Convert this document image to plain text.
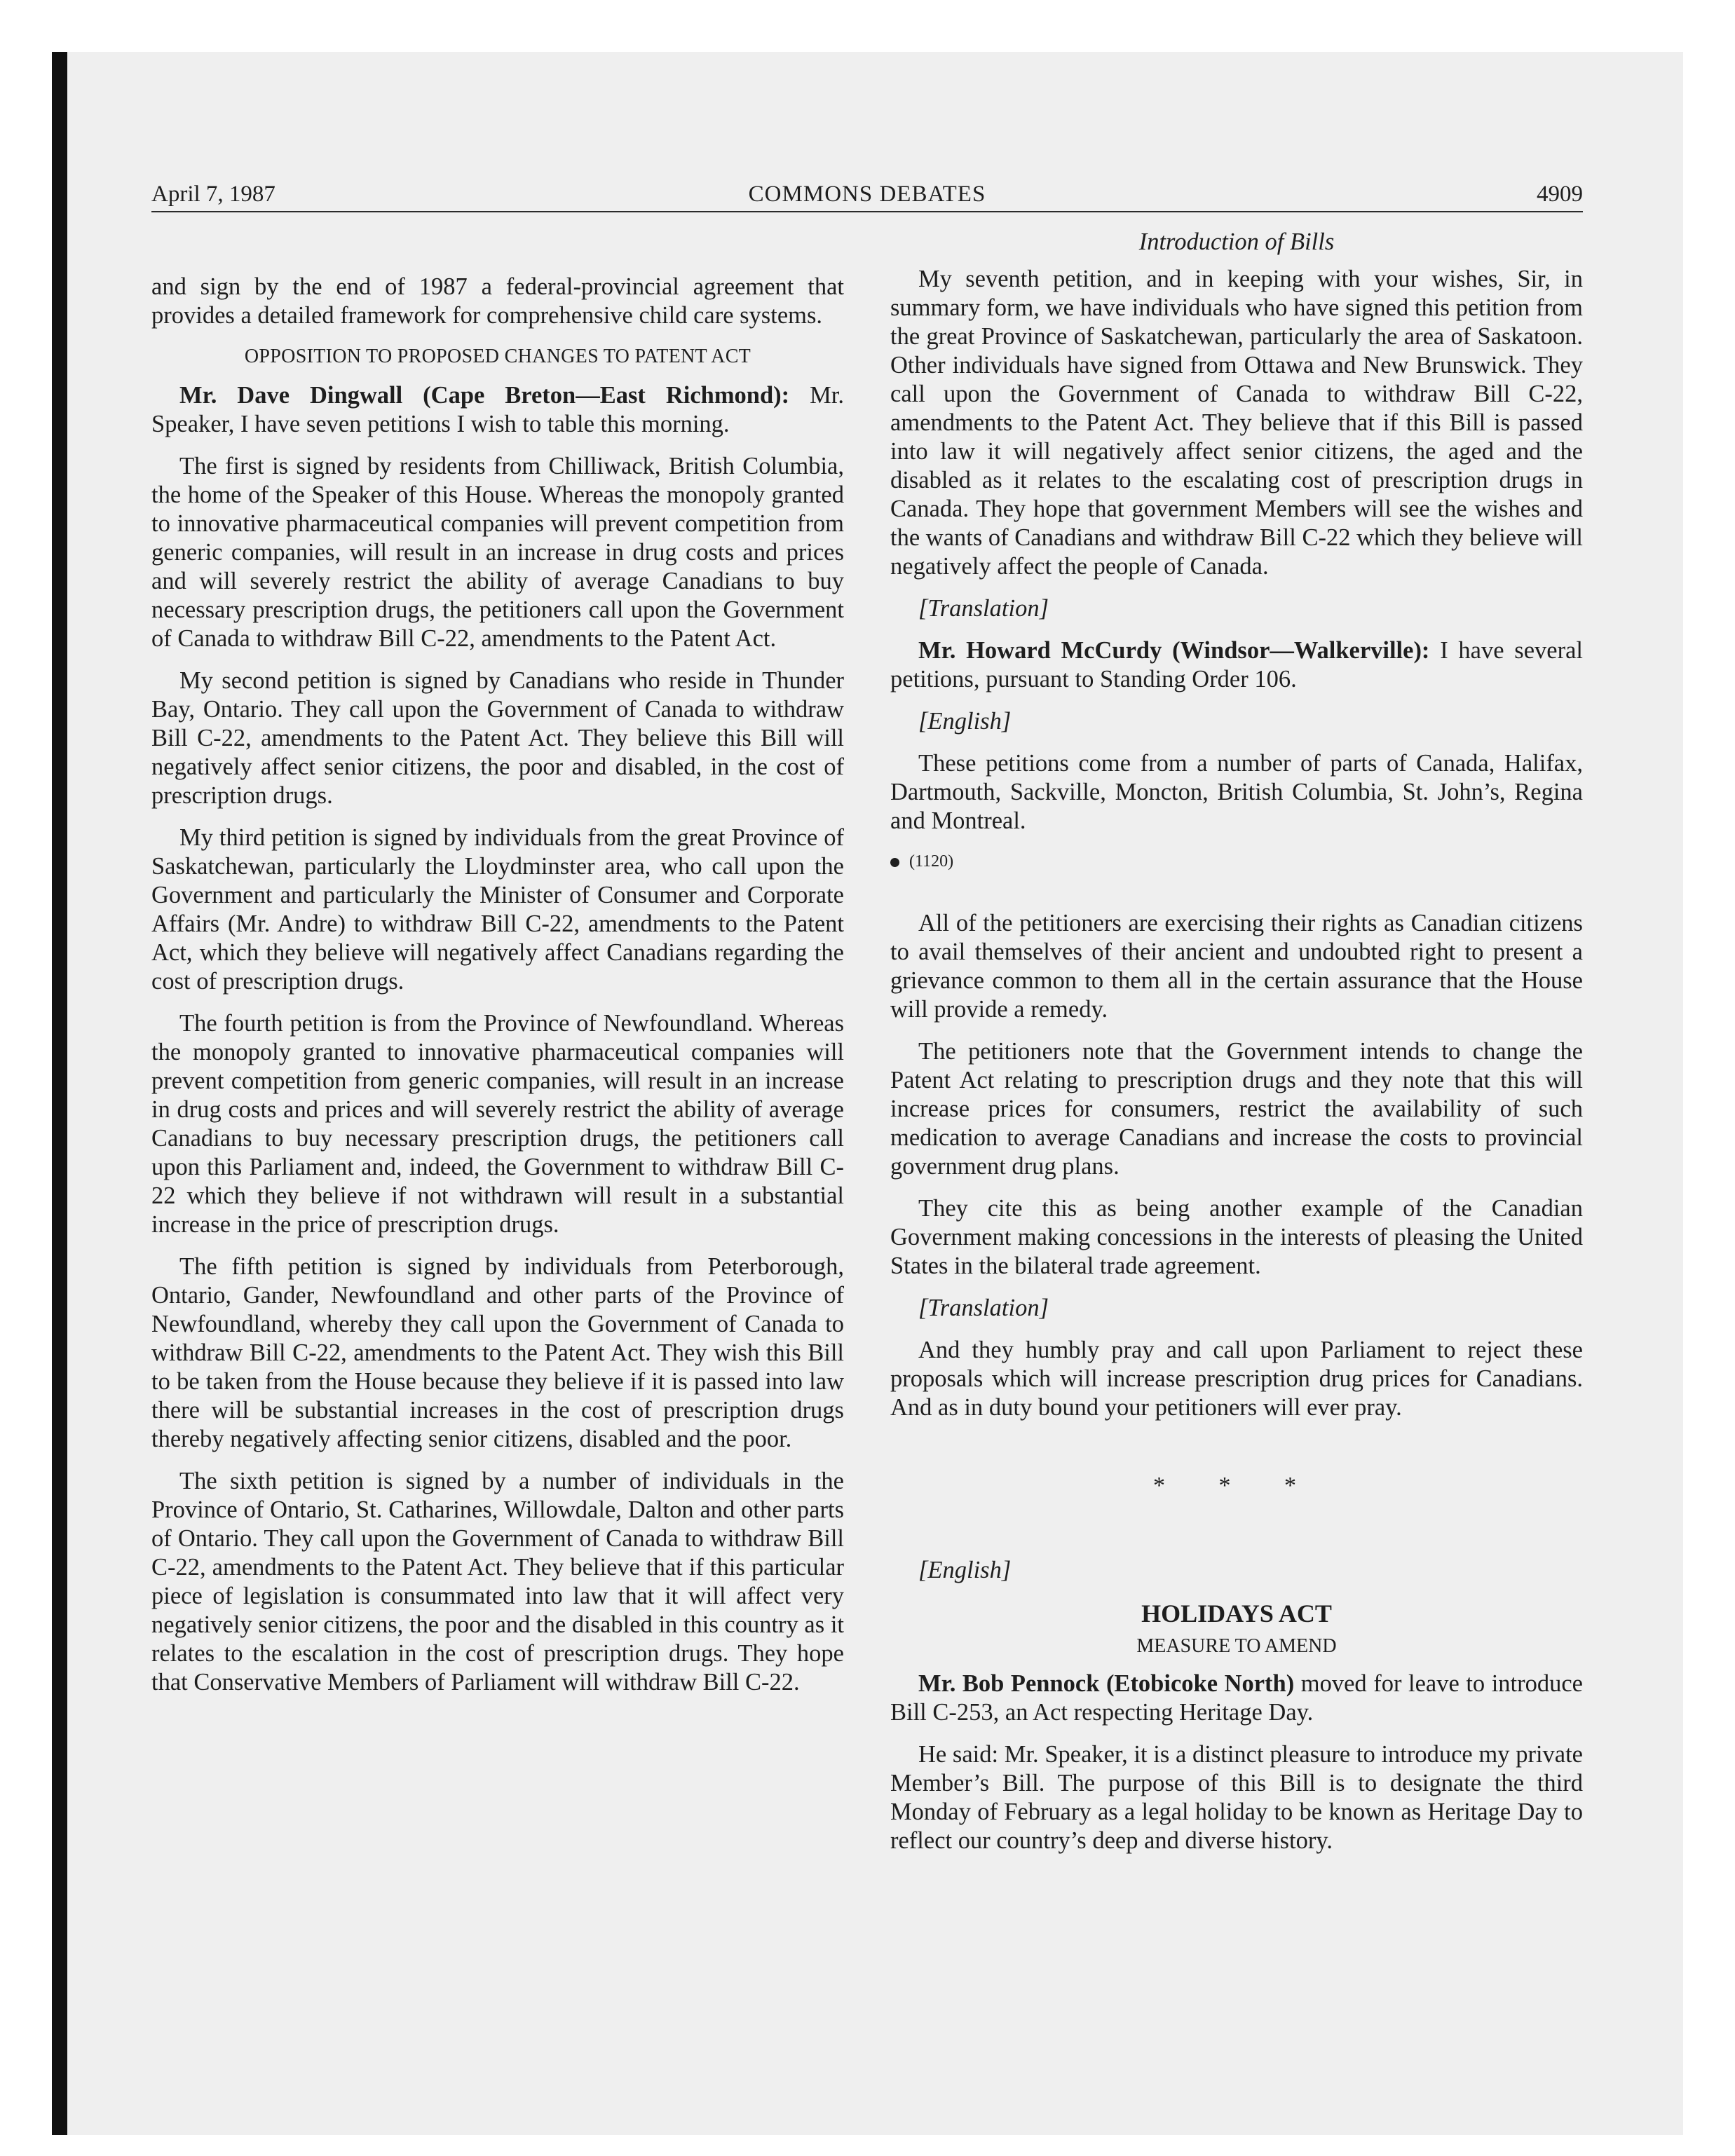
April 7, 1987	COMMONS DEBATES	4909

and sign by the end of 1987 a federal-provincial agreement that provides a detailed framework for comprehensive child care systems.

OPPOSITION TO PROPOSED CHANGES TO PATENT ACT

Mr. Dave Dingwall (Cape Breton—East Richmond): Mr. Speaker, I have seven petitions I wish to table this morning.

The first is signed by residents from Chilliwack, British Columbia, the home of the Speaker of this House. Whereas the monopoly granted to innovative pharmaceutical companies will prevent competition from generic companies, will result in an increase in drug costs and prices and will severely restrict the ability of average Canadians to buy necessary prescription drugs, the petitioners call upon the Government of Canada to withdraw Bill C-22, amendments to the Patent Act.

My second petition is signed by Canadians who reside in Thunder Bay, Ontario. They call upon the Government of Canada to withdraw Bill C-22, amendments to the Patent Act. They believe this Bill will negatively affect senior citizens, the poor and disabled, in the cost of prescription drugs.

My third petition is signed by individuals from the great Province of Saskatchewan, particularly the Lloydminster area, who call upon the Government and particularly the Minister of Consumer and Corporate Affairs (Mr. Andre) to withdraw Bill C-22, amendments to the Patent Act, which they believe will negatively affect Canadians regarding the cost of prescription drugs.

The fourth petition is from the Province of Newfoundland. Whereas the monopoly granted to innovative pharmaceutical companies will prevent competition from generic companies, will result in an increase in drug costs and prices and will severely restrict the ability of average Canadians to buy necessary prescription drugs, the petitioners call upon this Parliament and, indeed, the Government to withdraw Bill C-22 which they believe if not withdrawn will result in a substantial increase in the price of prescription drugs.

The fifth petition is signed by individuals from Peterborough, Ontario, Gander, Newfoundland and other parts of the Province of Newfoundland, whereby they call upon the Government of Canada to withdraw Bill C-22, amendments to the Patent Act. They wish this Bill to be taken from the House because they believe if it is passed into law there will be substantial increases in the cost of prescription drugs thereby negatively affecting senior citizens, disabled and the poor.

The sixth petition is signed by a number of individuals in the Province of Ontario, St. Catharines, Willowdale, Dalton and other parts of Ontario. They call upon the Government of Canada to withdraw Bill C-22, amendments to the Patent Act. They believe that if this particular piece of legislation is consummated into law that it will affect very negatively senior citizens, the poor and the disabled in this country as it relates to the escalation in the cost of prescription drugs. They hope that Conservative Members of Parliament will withdraw Bill C-22.

Introduction of Bills

My seventh petition, and in keeping with your wishes, Sir, in summary form, we have individuals who have signed this petition from the great Province of Saskatchewan, particularly the area of Saskatoon. Other individuals have signed from Ottawa and New Brunswick. They call upon the Government of Canada to withdraw Bill C-22, amendments to the Patent Act. They believe that if this Bill is passed into law it will negatively affect senior citizens, the aged and the disabled as it relates to the escalating cost of prescription drugs in Canada. They hope that government Members will see the wishes and the wants of Canadians and withdraw Bill C-22 which they believe will negatively affect the people of Canada.

[Translation]

Mr. Howard McCurdy (Windsor—Walkerville): I have several petitions, pursuant to Standing Order 106.

[English]

These petitions come from a number of parts of Canada, Halifax, Dartmouth, Sackville, Moncton, British Columbia, St. John’s, Regina and Montreal.

(1120)

All of the petitioners are exercising their rights as Canadian citizens to avail themselves of their ancient and undoubted right to present a grievance common to them all in the certain assurance that the House will provide a remedy.

The petitioners note that the Government intends to change the Patent Act relating to prescription drugs and they note that this will increase prices for consumers, restrict the availability of such medication to average Canadians and increase the costs to provincial government drug plans.

They cite this as being another example of the Canadian Government making concessions in the interests of pleasing the United States in the bilateral trade agreement.

[Translation]

And they humbly pray and call upon Parliament to reject these proposals which will increase prescription drug prices for Canadians. And as in duty bound your petitioners will ever pray.

* * *

[English]

HOLIDAYS ACT
MEASURE TO AMEND

Mr. Bob Pennock (Etobicoke North) moved for leave to introduce Bill C-253, an Act respecting Heritage Day.

He said: Mr. Speaker, it is a distinct pleasure to introduce my private Member’s Bill. The purpose of this Bill is to designate the third Monday of February as a legal holiday to be known as Heritage Day to reflect our country’s deep and diverse history.
